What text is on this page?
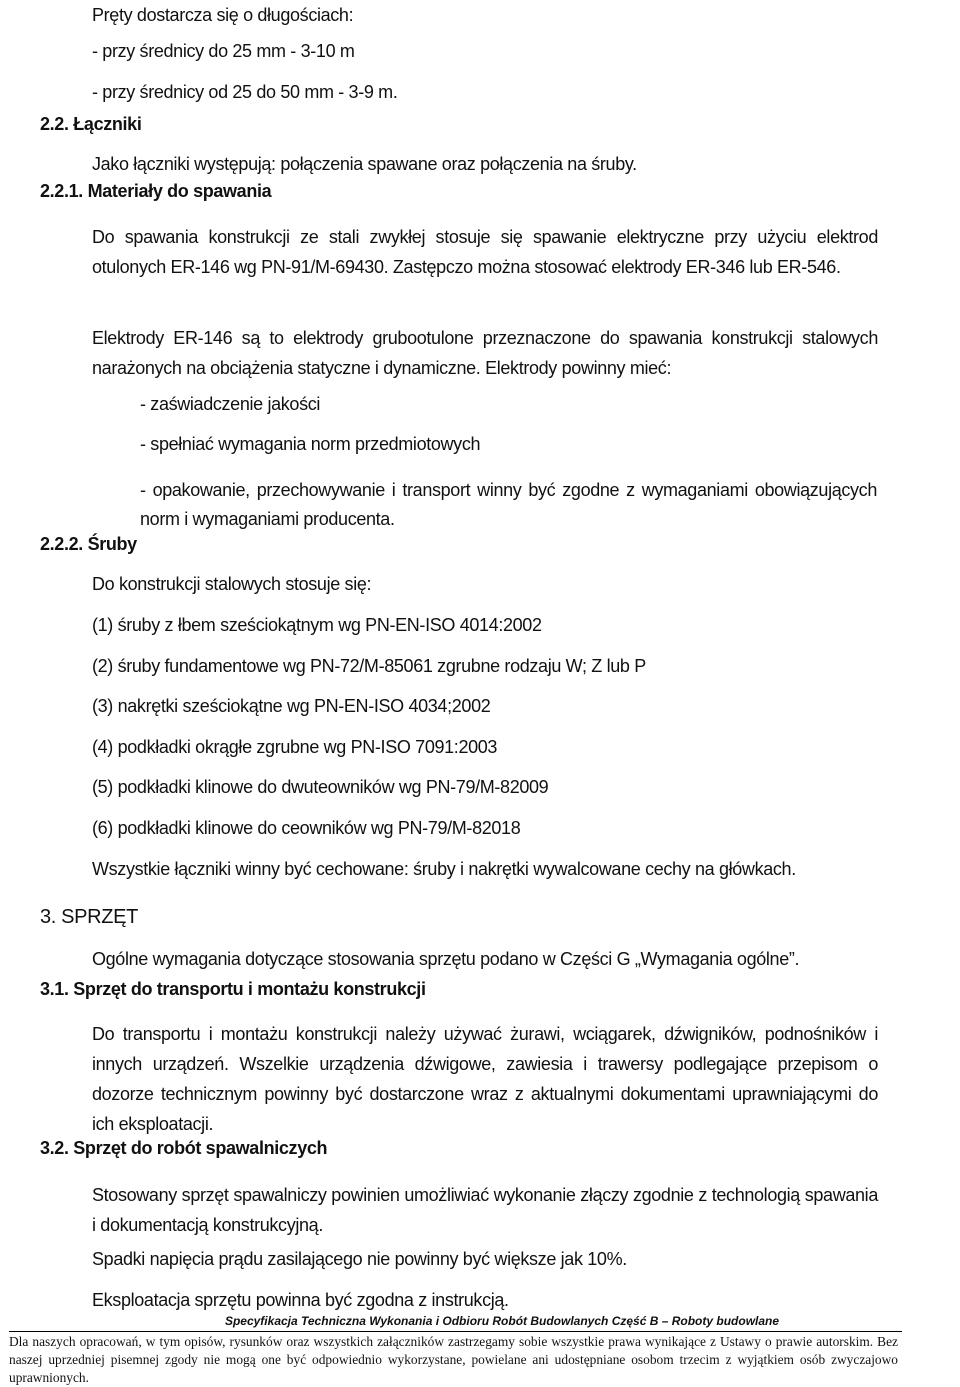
Pręty dostarcza się o długościach:
- przy średnicy do 25 mm - 3-10 m
- przy średnicy od 25 do 50 mm - 3-9 m.
2.2. Łączniki
Jako łączniki występują: połączenia spawane oraz połączenia na śruby.
2.2.1. Materiały do spawania
Do spawania konstrukcji ze stali zwykłej stosuje się spawanie elektryczne przy użyciu elektrod otulonych ER-146 wg PN-91/M-69430. Zastępczo można stosować elektrody ER-346 lub ER-546.
Elektrody ER-146 są to elektrody grubootulone przeznaczone do spawania konstrukcji stalowych narażonych na obciążenia statyczne i dynamiczne. Elektrody powinny mieć:
- zaświadczenie jakości
- spełniać wymagania norm przedmiotowych
- opakowanie, przechowywanie i transport winny być zgodne z wymaganiami obowiązujących norm i wymaganiami producenta.
2.2.2. Śruby
Do konstrukcji stalowych stosuje się:
(1) śruby z łbem sześciokątnym wg PN-EN-ISO 4014:2002
(2) śruby fundamentowe wg PN-72/M-85061 zgrubne rodzaju W; Z lub P
(3) nakrętki sześciokątne wg PN-EN-ISO 4034;2002
(4) podkładki okrągłe zgrubne wg PN-ISO 7091:2003
(5) podkładki klinowe do dwuteowników wg PN-79/M-82009
(6) podkładki klinowe do ceowników wg PN-79/M-82018
Wszystkie łączniki winny być cechowane: śruby i nakrętki wywalcowane cechy na główkach.
3. SPRZĘT
Ogólne wymagania dotyczące stosowania sprzętu podano w Części G „Wymagania ogólne”.
3.1. Sprzęt do transportu i montażu konstrukcji
Do transportu i montażu konstrukcji należy używać żurawi, wciągarek, dźwigników, podnośników i innych urządzeń. Wszelkie urządzenia dźwigowe, zawiesia i trawersy podlegające przepisom o dozorze technicznym powinny być dostarczone wraz z aktualnymi dokumentami uprawniającymi do ich eksploatacji.
3.2. Sprzęt do robót spawalniczych
Stosowany sprzęt spawalniczy powinien umożliwiać wykonanie złączy zgodnie z technologią spawania i dokumentacją konstrukcyjną.
Spadki napięcia prądu zasilającego nie powinny być większe jak 10%.
Eksploatacja sprzętu powinna być zgodna z instrukcją.
Specyfikacja Techniczna Wykonania i Odbioru Robót Budowlanych Część B – Roboty budowlane
Dla naszych opracowań, w tym opisów, rysunków oraz wszystkich załączników zastrzegamy sobie wszystkie prawa wynikające z Ustawy o prawie autorskim. Bez naszej uprzedniej pisemnej zgody nie mogą one być odpowiednio wykorzystane, powielane ani udostępniane osobom trzecim z wyjątkiem osób zwyczajowo uprawnionych.
